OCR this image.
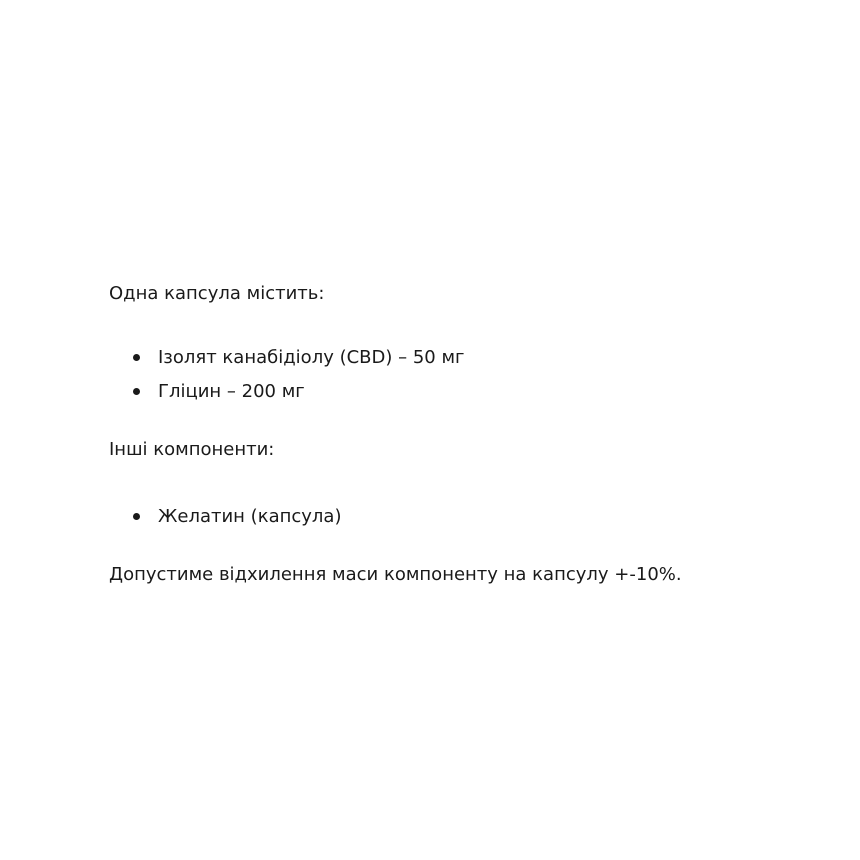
Одна капсула містить:

Ізолят канабідіолу (CBD) – 50 мг
Гліцин – 200 мг

Інші компоненти:

Желатин (капсула)

Допустиме відхилення маси компоненту на капсулу +-10%.
